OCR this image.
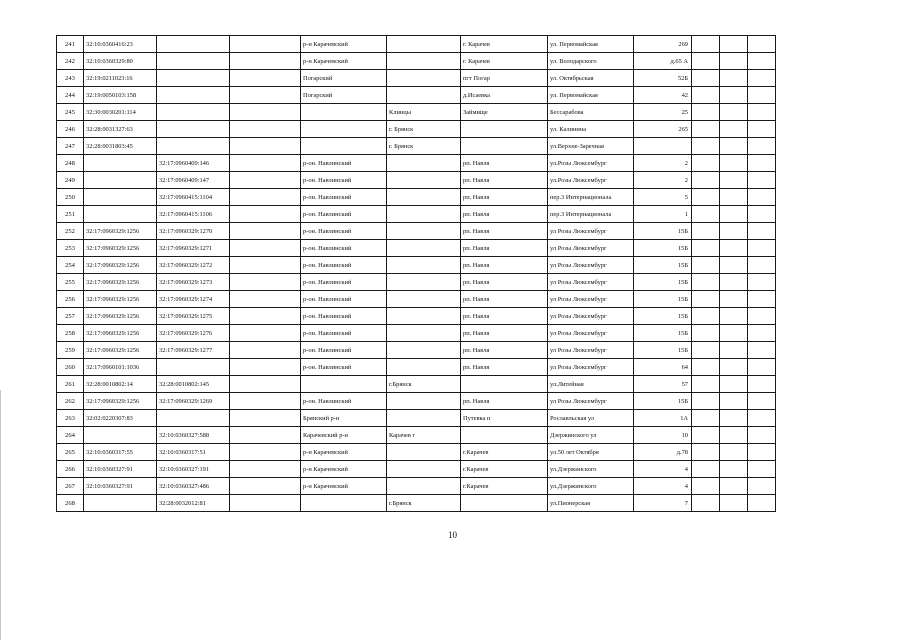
241	32:10:0360416:23			р-н Карачевский		г. Карачев	ул. Первомайская	269			
242	32:10:0360329:80			р-н Карачевский		г. Карачев	ул. Володарского	д.65 А			
243	32:19:0211023:16			Погарский		пгт Погар	ул. Октябрьская	52Б			
244	32:19:0050103:158			Погарский		д.Исаевка	ул. Первомайская	42			
245	32:30:0030201:114				Клинцы	Займище	Бессарабова	25			
246	32:28:0031327:63				г. Брянск		ул. Калинина	265			
247	32:28:0031803:45				г. Брянск		ул.Верхне-Заречная				
248		32:17:0960409:146		р-он. Навлинский		рп. Навля	ул.Розы Люксембург	2			
249		32:17:0960409:147		р-он. Навлинский		рп. Навля	ул.Розы Люксембург	2			
250		32:17:0960415:1104		р-он. Навлинский		рп. Навля	пер.3 Интернационала	5			
251		32:17:0960415:1106		р-он. Навлинский		рп. Навля	пер.3 Интернационала	1			
252	32:17:0960329:1256	32:17:0960329:1270		р-он. Навлинский		рп. Навля	ул Розы Люксембург	15Б			
253	32:17:0960329:1256	32:17:0960329:1271		р-он. Навлинский		рп. Навля	ул Розы Люксембург	15Б			
254	32:17:0960329:1256	32:17:0960329:1272		р-он. Навлинский		рп. Навля	ул Розы Люксембург	15Б			
255	32:17:0960329:1256	32:17:0960329:1273		р-он. Навлинский		рп. Навля	ул Розы Люксембург	15Б			
256	32:17:0960329:1256	32:17:0960329:1274		р-он. Навлинский		рп. Навля	ул Розы Люксембург	15Б			
257	32:17:0960329:1256	32:17:0960329:1275		р-он. Навлинский		рп. Навля	ул Розы Люксембург	15Б			
258	32:17:0960329:1256	32:17:0960329:1276		р-он. Навлинский		рп. Навля	ул Розы Люксембург	15Б			
259	32:17:0960329:1256	32:17:0960329:1277		р-он. Навлинский		рп. Навля	ул Розы Люксембург	15Б			
260	32:17:0960101:1036			р-он. Навлинский		рп. Навля	ул Розы Люксембург	64			
261	32:28:0010802:14	32:28:0010802:145			г.Брянск		ул.Литейная	57			
262	32:17:0960329:1256	32:17:0960329:1269		р-он. Навлинский		рп. Навля	ул Розы Люксембург	15Б			
263	32:02:0220307:83			Брянский р-н		Путевка п	Рославльская ул	1А			
264		32:10:0360327:588		Карачевский р-н	Карачев г		Дзержинского ул	10			
265	32:10:0360317:55	32:10:0360317:51		р-н Карачевский		г.Карачев	ул.50 лет Октября	д.78			
266	32:10:0360327:91	32:10:0360327:191		р-н Карачевский		г.Карачев	ул.Дзержинского	4			
267	32:10:0360327:91	32:10:0360327:486		р-н Карачевский		г.Карачев	ул.Дзержинского	4			
268		32:28:0032012:81			г.Брянск		ул.Пионерская	7			
10
